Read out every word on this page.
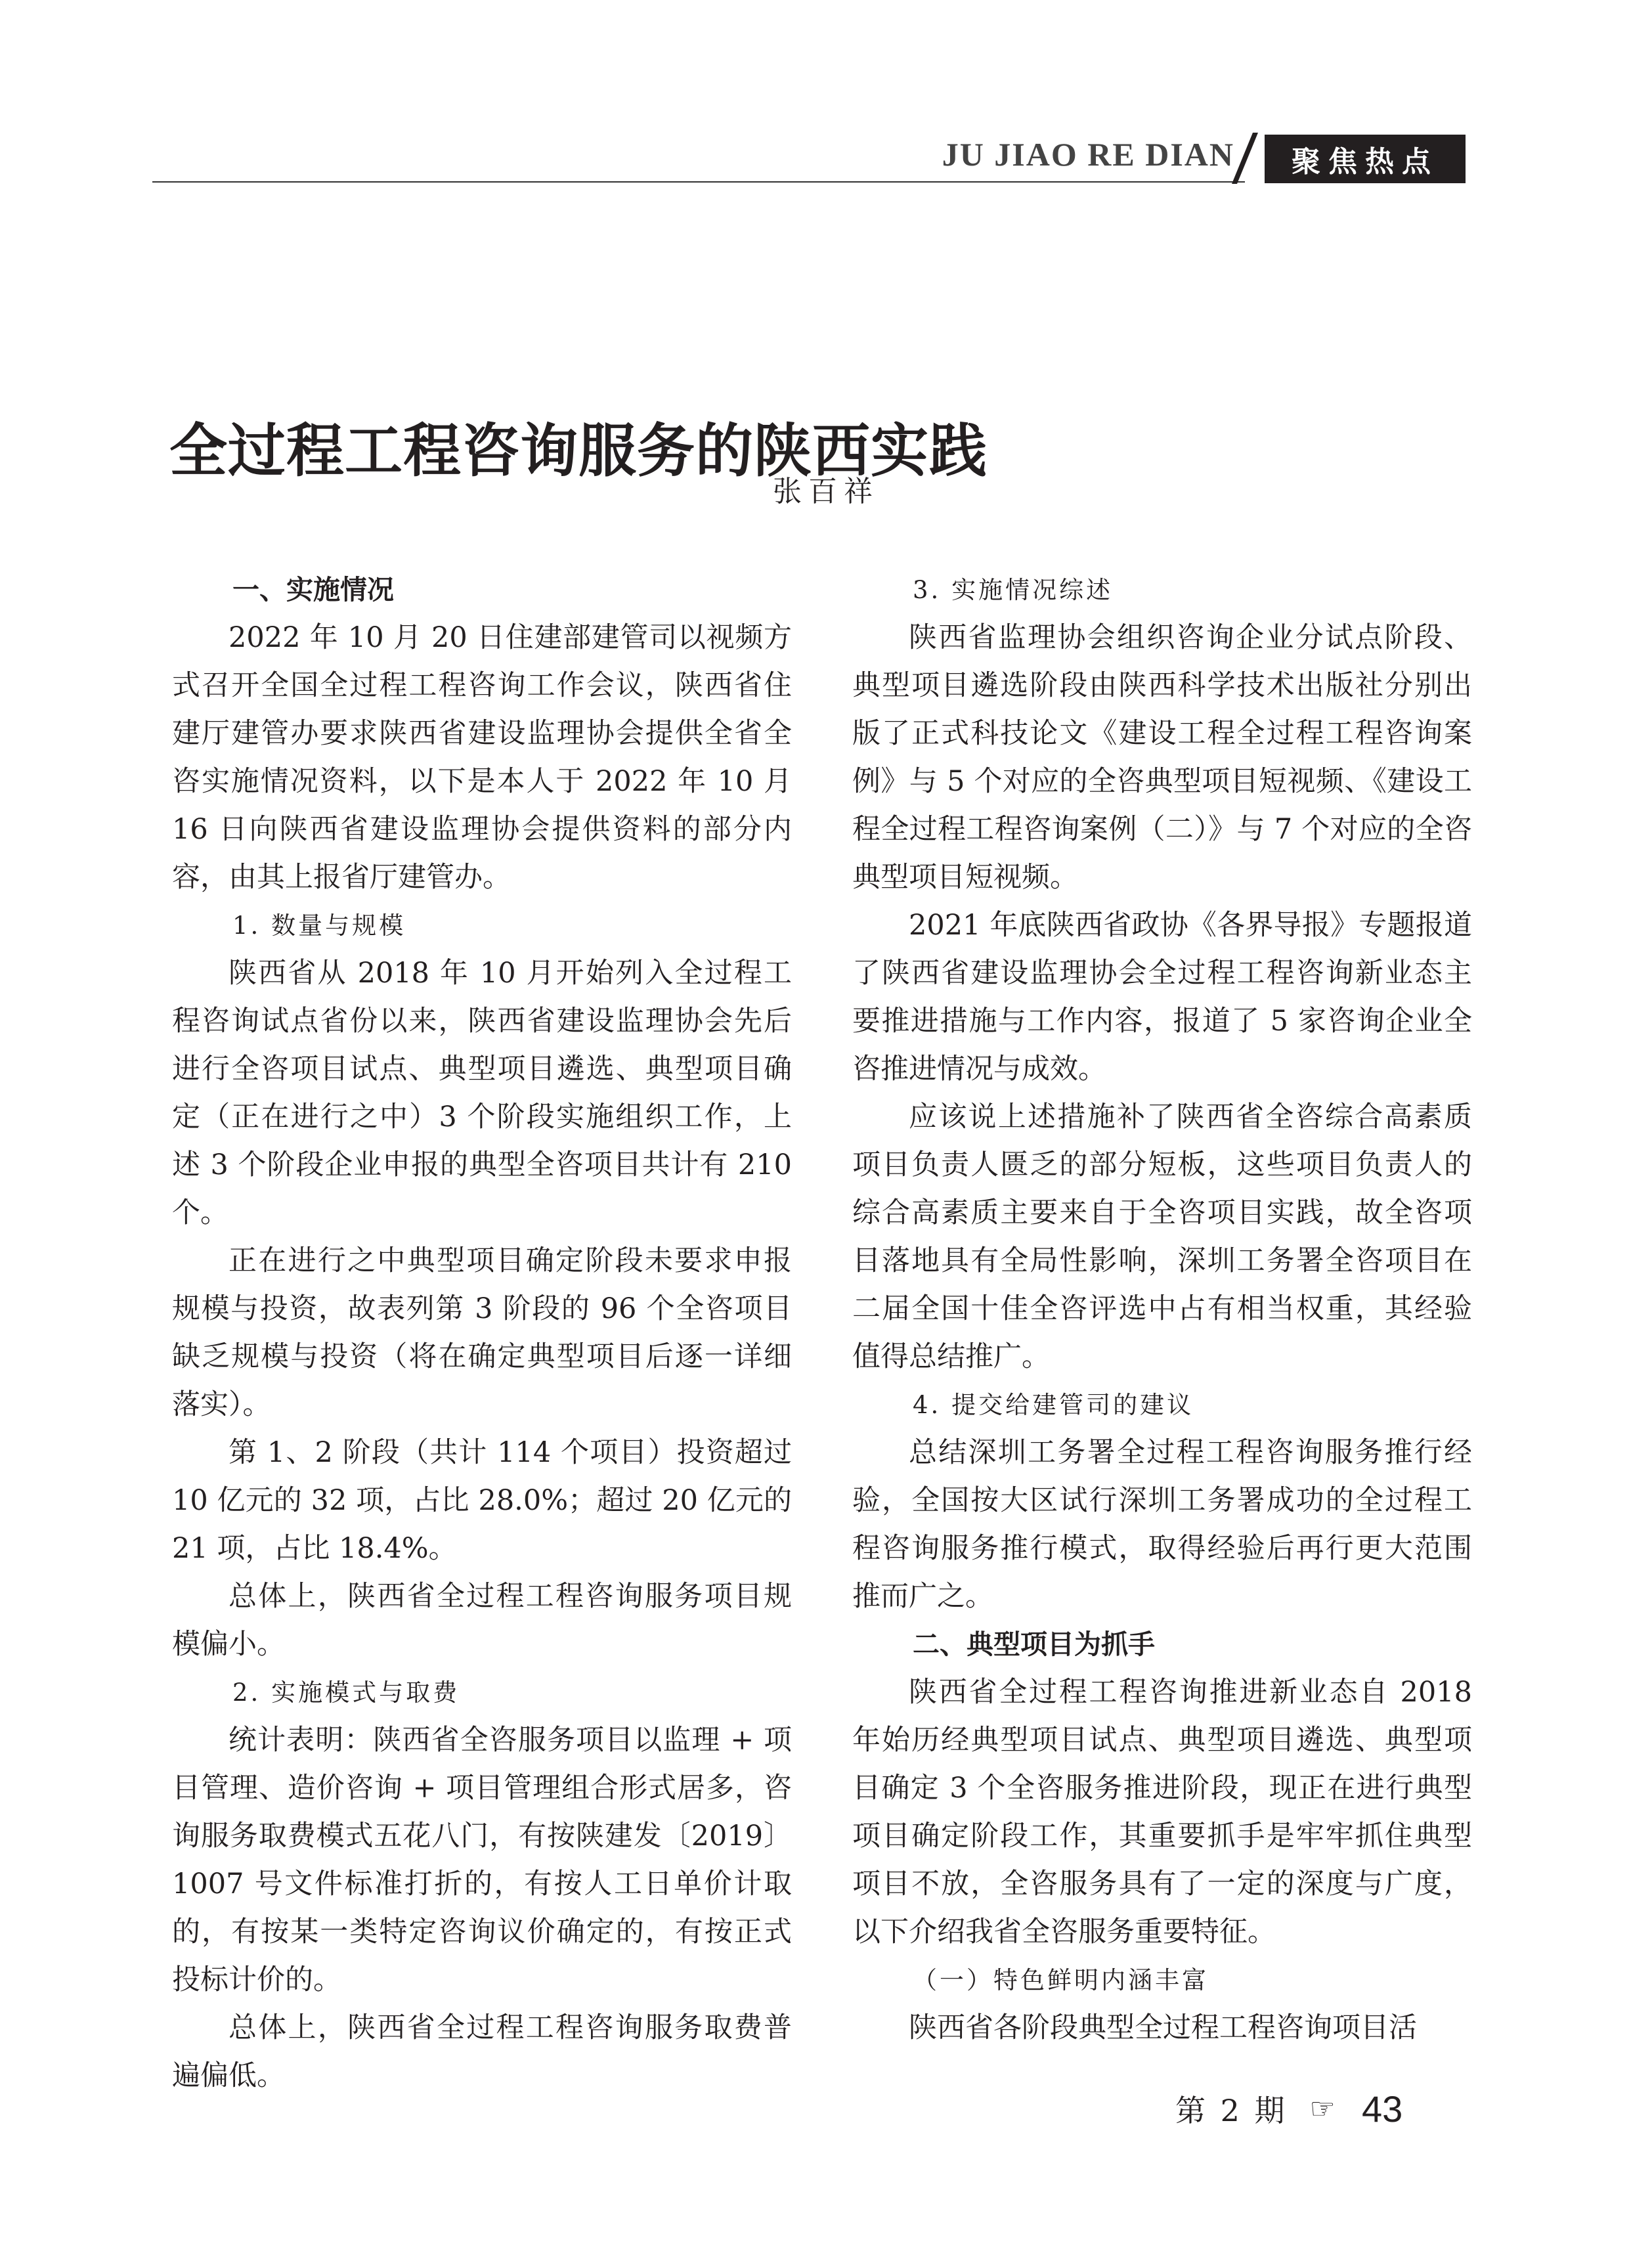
JU JIAO RE DIAN	聚焦热点
全过程工程咨询服务的陕西实践
张百祥
一、实施情况

2022 年 10 月 20 日住建部建管司以视频方式召开全国全过程工程咨询工作会议，陕西省住建厅建管办要求陕西省建设监理协会提供全省全咨实施情况资料，以下是本人于 2022 年 10 月 16 日向陕西省建设监理协会提供资料的部分内容，由其上报省厅建管办。

1. 数量与规模

陕西省从 2018 年 10 月开始列入全过程工程咨询试点省份以来，陕西省建设监理协会先后进行全咨项目试点、典型项目遴选、典型项目确定（正在进行之中）3 个阶段实施组织工作，上述 3 个阶段企业申报的典型全咨项目共计有 210 个。

正在进行之中典型项目确定阶段未要求申报规模与投资，故表列第 3 阶段的 96 个全咨项目缺乏规模与投资（将在确定典型项目后逐一详细落实）。

第 1、2 阶段（共计 114 个项目）投资超过 10 亿元的 32 项，占比 28.0%；超过 20 亿元的 21 项，占比 18.4%。

总体上，陕西省全过程工程咨询服务项目规模偏小。

2. 实施模式与取费

统计表明：陕西省全咨服务项目以监理 + 项目管理、造价咨询 + 项目管理组合形式居多，咨询服务取费模式五花八门，有按陕建发〔2019〕1007 号文件标准打折的，有按人工日单价计取的，有按某一类特定咨询议价确定的，有按正式投标计价的。

总体上，陕西省全过程工程咨询服务取费普遍偏低。

3. 实施情况综述

陕西省监理协会组织咨询企业分试点阶段、典型项目遴选阶段由陕西科学技术出版社分别出版了正式科技论文《建设工程全过程工程咨询案例》与 5 个对应的全咨典型项目短视频、《建设工程全过程工程咨询案例（二）》与 7 个对应的全咨典型项目短视频。

2021 年底陕西省政协《各界导报》专题报道了陕西省建设监理协会全过程工程咨询新业态主要推进措施与工作内容，报道了 5 家咨询企业全咨推进情况与成效。

应该说上述措施补了陕西省全咨综合高素质项目负责人匮乏的部分短板，这些项目负责人的综合高素质主要来自于全咨项目实践，故全咨项目落地具有全局性影响，深圳工务署全咨项目在二届全国十佳全咨评选中占有相当权重，其经验值得总结推广。

4. 提交给建管司的建议

总结深圳工务署全过程工程咨询服务推行经验，全国按大区试行深圳工务署成功的全过程工程咨询服务推行模式，取得经验后再行更大范围推而广之。

二、典型项目为抓手

陕西省全过程工程咨询推进新业态自 2018 年始历经典型项目试点、典型项目遴选、典型项目确定 3 个全咨服务推进阶段，现正在进行典型项目确定阶段工作，其重要抓手是牢牢抓住典型项目不放，全咨服务具有了一定的深度与广度，以下介绍我省全咨服务重要特征。

（一）特色鲜明内涵丰富

陕西省各阶段典型全过程工程咨询项目活

第 2 期 ☞ 43
